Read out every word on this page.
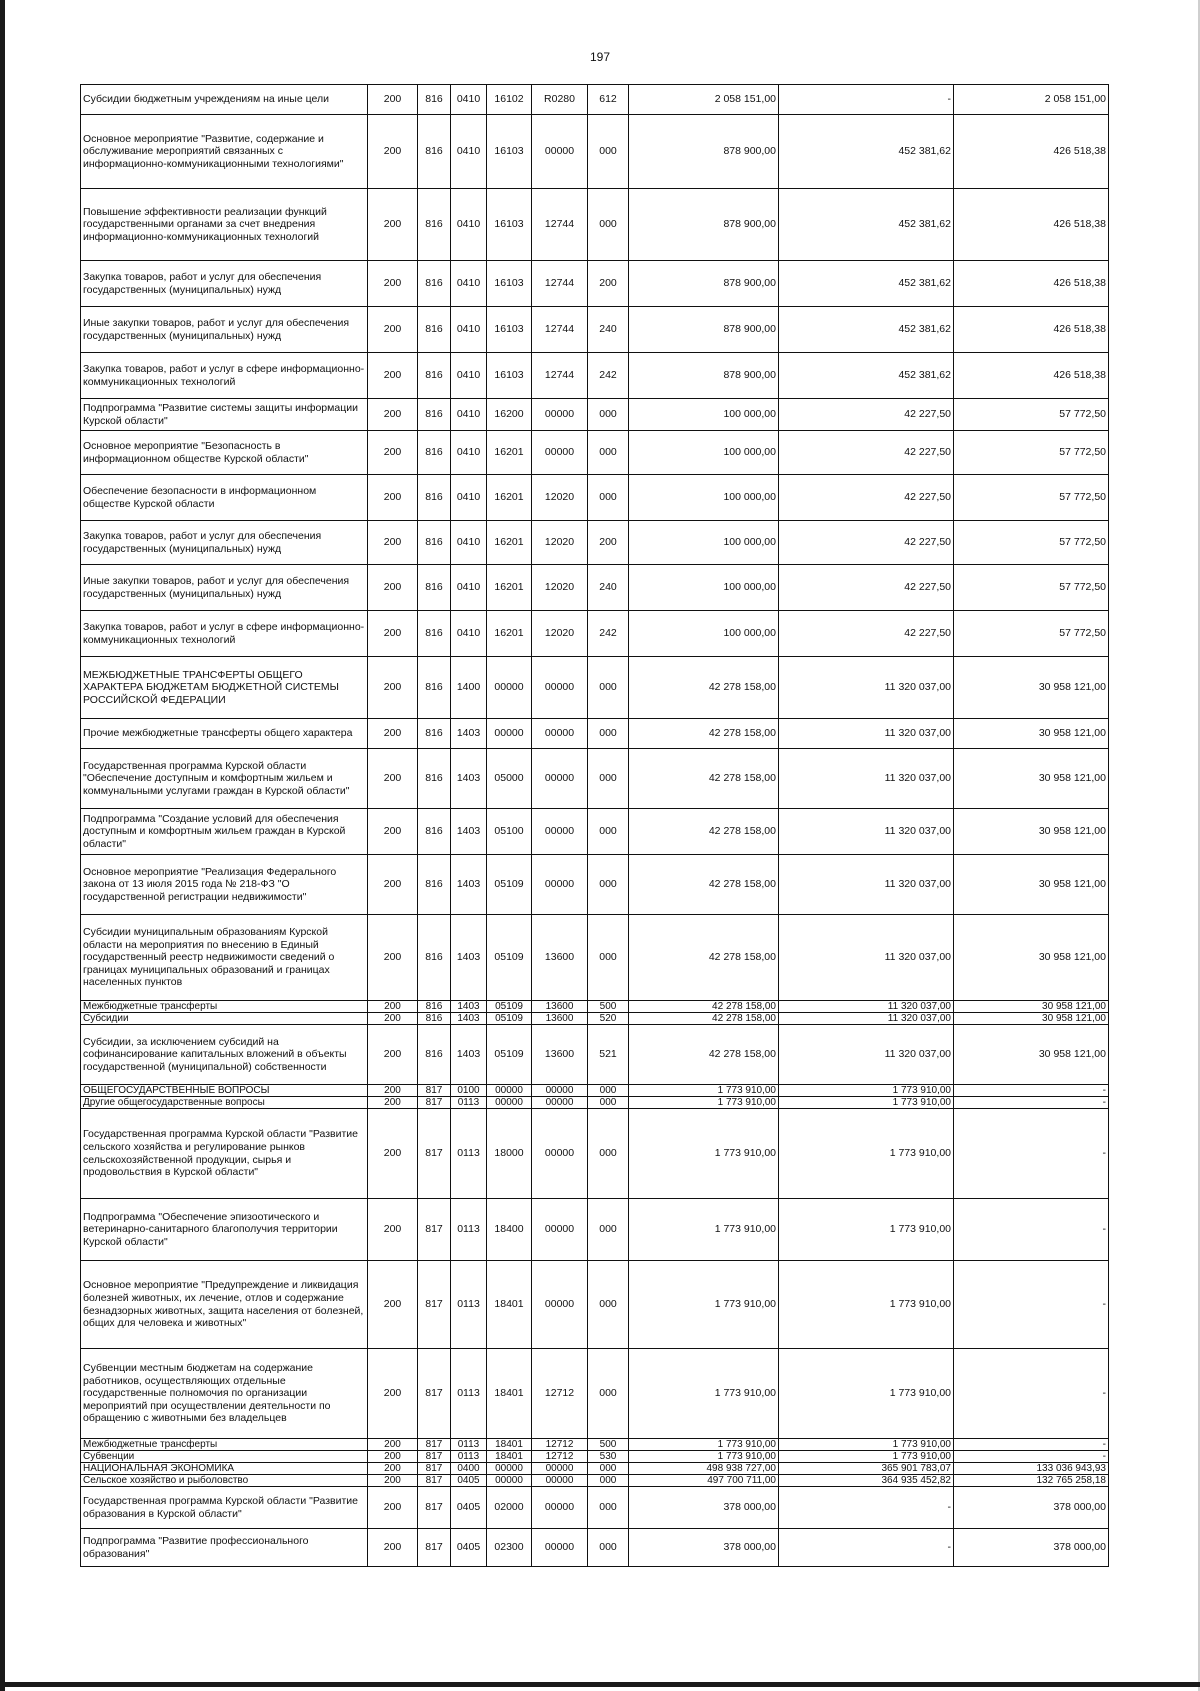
197
Субсидии бюджетным учреждениям на иные цели	200	816	0410	16102	R0280	612	2 058 151,00	-	2 058 151,00
Основное мероприятие "Развитие, содержание и обслуживание мероприятий связанных с информационно-коммуникационными технологиями"	200	816	0410	16103	00000	000	878 900,00	452 381,62	426 518,38
Повышение эффективности реализации функций государственными органами за счет внедрения информационно-коммуникационных технологий	200	816	0410	16103	12744	000	878 900,00	452 381,62	426 518,38
Закупка товаров, работ и услуг для обеспечения государственных (муниципальных) нужд	200	816	0410	16103	12744	200	878 900,00	452 381,62	426 518,38
Иные закупки товаров, работ и услуг для обеспечения государственных (муниципальных) нужд	200	816	0410	16103	12744	240	878 900,00	452 381,62	426 518,38
Закупка товаров, работ и услуг в сфере информационно-коммуникационных технологий	200	816	0410	16103	12744	242	878 900,00	452 381,62	426 518,38
Подпрограмма "Развитие системы защиты информации Курской области"	200	816	0410	16200	00000	000	100 000,00	42 227,50	57 772,50
Основное мероприятие "Безопасность в информационном обществе Курской области"	200	816	0410	16201	00000	000	100 000,00	42 227,50	57 772,50
Обеспечение безопасности в информационном обществе Курской области	200	816	0410	16201	12020	000	100 000,00	42 227,50	57 772,50
Закупка товаров, работ и услуг для обеспечения государственных (муниципальных) нужд	200	816	0410	16201	12020	200	100 000,00	42 227,50	57 772,50
Иные закупки товаров, работ и услуг для обеспечения государственных (муниципальных) нужд	200	816	0410	16201	12020	240	100 000,00	42 227,50	57 772,50
Закупка товаров, работ и услуг в сфере информационно-коммуникационных технологий	200	816	0410	16201	12020	242	100 000,00	42 227,50	57 772,50
МЕЖБЮДЖЕТНЫЕ ТРАНСФЕРТЫ ОБЩЕГО ХАРАКТЕРА БЮДЖЕТАМ БЮДЖЕТНОЙ СИСТЕМЫ РОССИЙСКОЙ ФЕДЕРАЦИИ	200	816	1400	00000	00000	000	42 278 158,00	11 320 037,00	30 958 121,00
Прочие межбюджетные трансферты общего характера	200	816	1403	00000	00000	000	42 278 158,00	11 320 037,00	30 958 121,00
Государственная программа Курской области "Обеспечение доступным и комфортным жильем и коммунальными услугами граждан в Курской области"	200	816	1403	05000	00000	000	42 278 158,00	11 320 037,00	30 958 121,00
Подпрограмма "Создание условий для обеспечения доступным и комфортным жильем граждан в Курской области"	200	816	1403	05100	00000	000	42 278 158,00	11 320 037,00	30 958 121,00
Основное мероприятие "Реализация Федерального закона от 13 июля 2015 года № 218-ФЗ "О государственной регистрации недвижимости"	200	816	1403	05109	00000	000	42 278 158,00	11 320 037,00	30 958 121,00
Субсидии муниципальным образованиям Курской области на мероприятия по внесению в Единый государственный реестр недвижимости сведений о границах муниципальных образований и границах населенных пунктов	200	816	1403	05109	13600	000	42 278 158,00	11 320 037,00	30 958 121,00
Межбюджетные трансферты	200	816	1403	05109	13600	500	42 278 158,00	11 320 037,00	30 958 121,00
Субсидии	200	816	1403	05109	13600	520	42 278 158,00	11 320 037,00	30 958 121,00
Субсидии, за исключением субсидий на софинансирование капитальных вложений в объекты государственной (муниципальной) собственности	200	816	1403	05109	13600	521	42 278 158,00	11 320 037,00	30 958 121,00
ОБЩЕГОСУДАРСТВЕННЫЕ ВОПРОСЫ	200	817	0100	00000	00000	000	1 773 910,00	1 773 910,00	-
Другие общегосударственные вопросы	200	817	0113	00000	00000	000	1 773 910,00	1 773 910,00	-
Государственная программа Курской области "Развитие сельского хозяйства и регулирование рынков сельскохозяйственной продукции, сырья и продовольствия в Курской области"	200	817	0113	18000	00000	000	1 773 910,00	1 773 910,00	-
Подпрограмма "Обеспечение эпизоотического и ветеринарно-санитарного благополучия территории Курской области"	200	817	0113	18400	00000	000	1 773 910,00	1 773 910,00	-
Основное мероприятие "Предупреждение и ликвидация болезней животных, их лечение, отлов и содержание безнадзорных животных, защита населения от болезней, общих для человека и животных"	200	817	0113	18401	00000	000	1 773 910,00	1 773 910,00	-
Субвенции местным бюджетам на содержание работников, осуществляющих отдельные государственные полномочия по организации мероприятий при осуществлении деятельности по обращению с животными без владельцев	200	817	0113	18401	12712	000	1 773 910,00	1 773 910,00	-
Межбюджетные трансферты	200	817	0113	18401	12712	500	1 773 910,00	1 773 910,00	-
Субвенции	200	817	0113	18401	12712	530	1 773 910,00	1 773 910,00	-
НАЦИОНАЛЬНАЯ ЭКОНОМИКА	200	817	0400	00000	00000	000	498 938 727,00	365 901 783,07	133 036 943,93
Сельское хозяйство и рыболовство	200	817	0405	00000	00000	000	497 700 711,00	364 935 452,82	132 765 258,18
Государственная программа Курской области "Развитие образования в Курской области"	200	817	0405	02000	00000	000	378 000,00	-	378 000,00
Подпрограмма "Развитие профессионального образования"	200	817	0405	02300	00000	000	378 000,00	-	378 000,00
